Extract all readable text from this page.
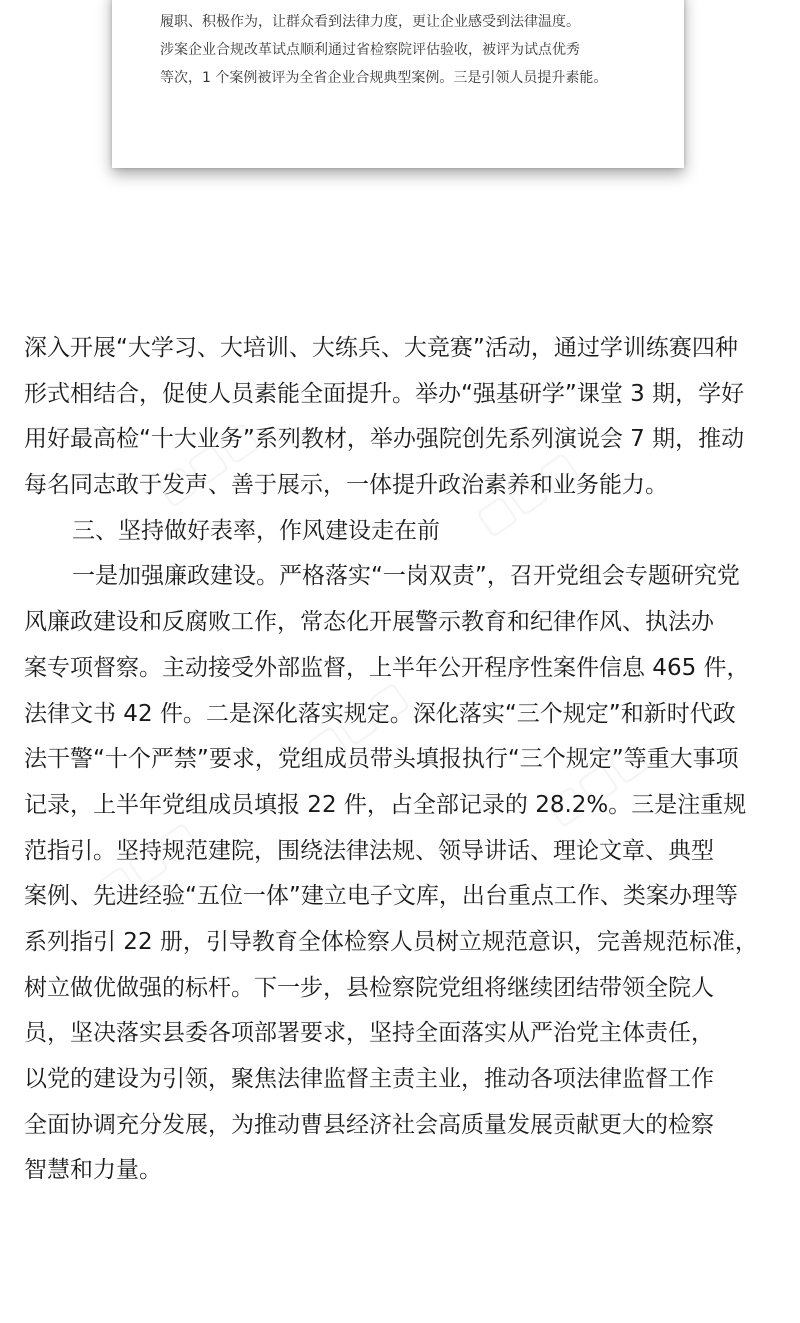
履职、积极作为，让群众看到法律力度，更让企业感受到法律温度。
涉案企业合规改革试点顺利通过省检察院评估验收，被评为试点优秀
等次，1 个案例被评为全省企业合规典型案例。三是引领人员提升素能。
▢▢▢	▢▢▢
▢▢▢
▢▢▢
▢▢▢
深入开展“大学习、大培训、大练兵、大竞赛”活动，通过学训练赛四种
形式相结合，促使人员素能全面提升。举办“强基研学”课堂 3 期，学好
用好最高检“十大业务”系列教材，举办强院创先系列演说会 7 期，推动
每名同志敢于发声、善于展示，一体提升政治素养和业务能力。
三、坚持做好表率，作风建设走在前
一是加强廉政建设。严格落实“一岗双责”，召开党组会专题研究党
风廉政建设和反腐败工作，常态化开展警示教育和纪律作风、执法办
案专项督察。主动接受外部监督，上半年公开程序性案件信息 465 件，
法律文书 42 件。二是深化落实规定。深化落实“三个规定”和新时代政
法干警“十个严禁”要求，党组成员带头填报执行“三个规定”等重大事项
记录，上半年党组成员填报 22 件，占全部记录的 28.2%。三是注重规
范指引。坚持规范建院，围绕法律法规、领导讲话、理论文章、典型
案例、先进经验“五位一体”建立电子文库，出台重点工作、类案办理等
系列指引 22 册，引导教育全体检察人员树立规范意识，完善规范标准，
树立做优做强的标杆。下一步，县检察院党组将继续团结带领全院人
员，坚决落实县委各项部署要求，坚持全面落实从严治党主体责任，
以党的建设为引领，聚焦法律监督主责主业，推动各项法律监督工作
全面协调充分发展，为推动曹县经济社会高质量发展贡献更大的检察
智慧和力量。
